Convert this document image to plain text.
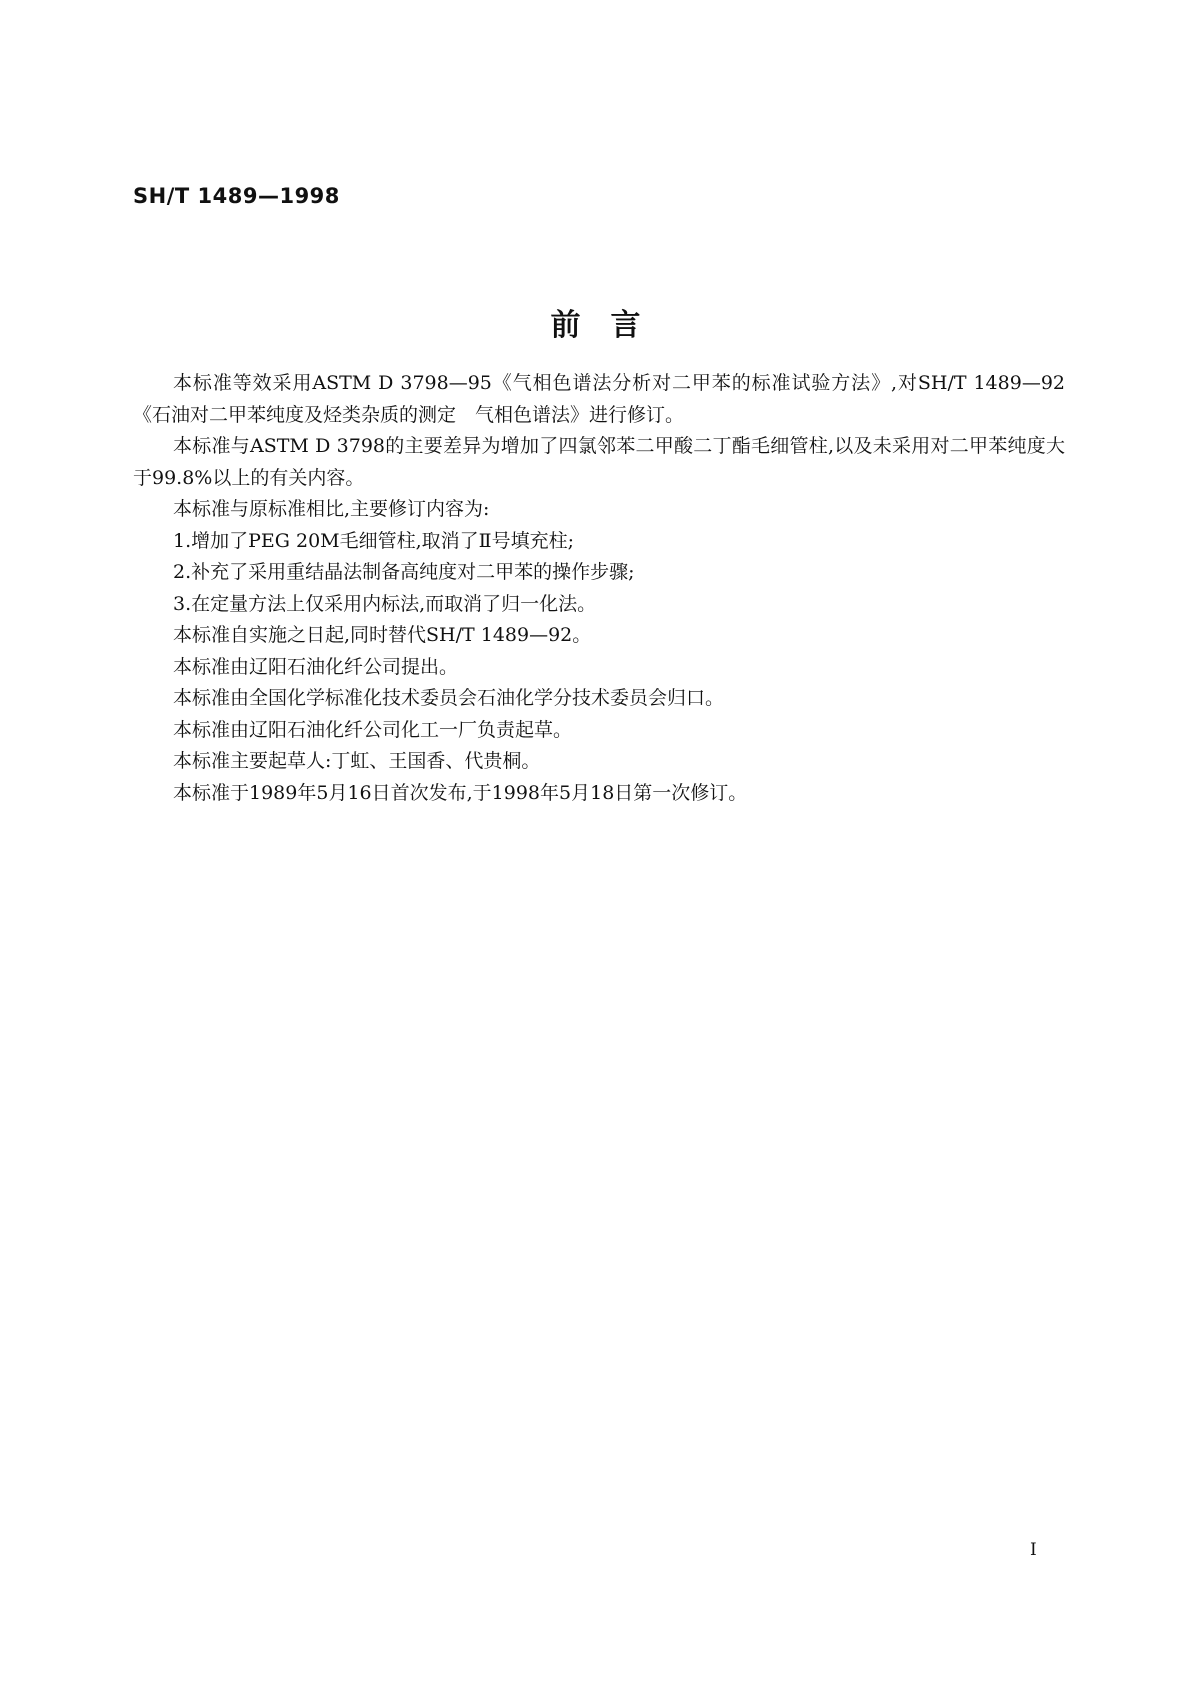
SH/T 1489—1998
前　言

本标准等效采用ASTM D 3798—95《气相色谱法分析对二甲苯的标准试验方法》,对SH/T 1489—92《石油对二甲苯纯度及烃类杂质的测定　气相色谱法》进行修订。

本标准与ASTM D 3798的主要差异为增加了四氯邻苯二甲酸二丁酯毛细管柱,以及未采用对二甲苯纯度大于99.8%以上的有关内容。

本标准与原标准相比,主要修订内容为:

1.增加了PEG 20M毛细管柱,取消了Ⅱ号填充柱;

2.补充了采用重结晶法制备高纯度对二甲苯的操作步骤;

3.在定量方法上仅采用内标法,而取消了归一化法。

本标准自实施之日起,同时替代SH/T 1489—92。

本标准由辽阳石油化纤公司提出。

本标准由全国化学标准化技术委员会石油化学分技术委员会归口。

本标准由辽阳石油化纤公司化工一厂负责起草。

本标准主要起草人:丁虹、王国香、代贵桐。

本标准于1989年5月16日首次发布,于1998年5月18日第一次修订。

I
